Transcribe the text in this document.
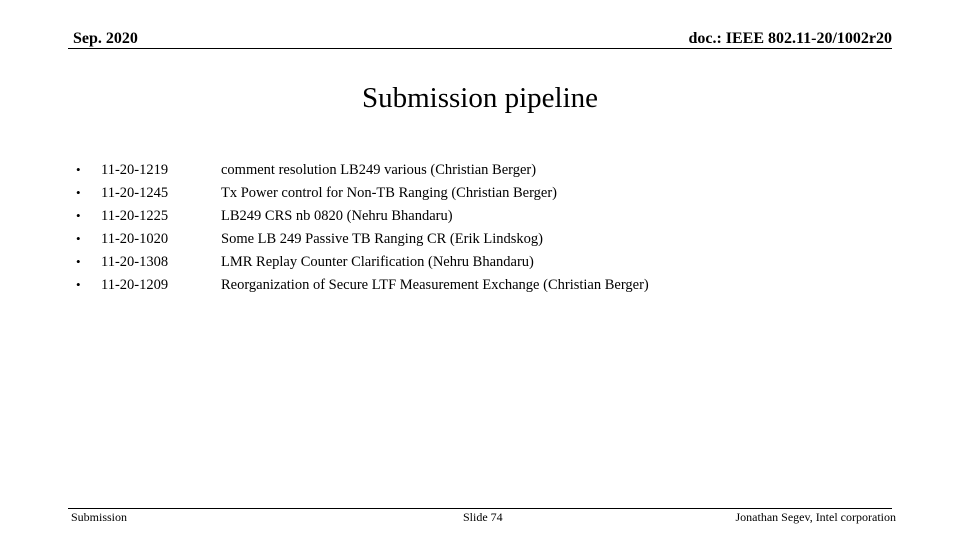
Sep. 2020	doc.: IEEE 802.11-20/1002r20
Submission pipeline
•	11-20-1219	comment resolution LB249 various (Christian Berger)
•	11-20-1245	Tx Power control for Non-TB Ranging (Christian Berger)
•	11-20-1225	LB249 CRS nb 0820 (Nehru Bhandaru)
•	11-20-1020	Some LB 249 Passive TB Ranging CR (Erik Lindskog)
•	11-20-1308	LMR Replay Counter Clarification (Nehru Bhandaru)
•	11-20-1209	Reorganization of Secure LTF Measurement Exchange (Christian Berger)
Submission	Slide 74	Jonathan Segev, Intel corporation
